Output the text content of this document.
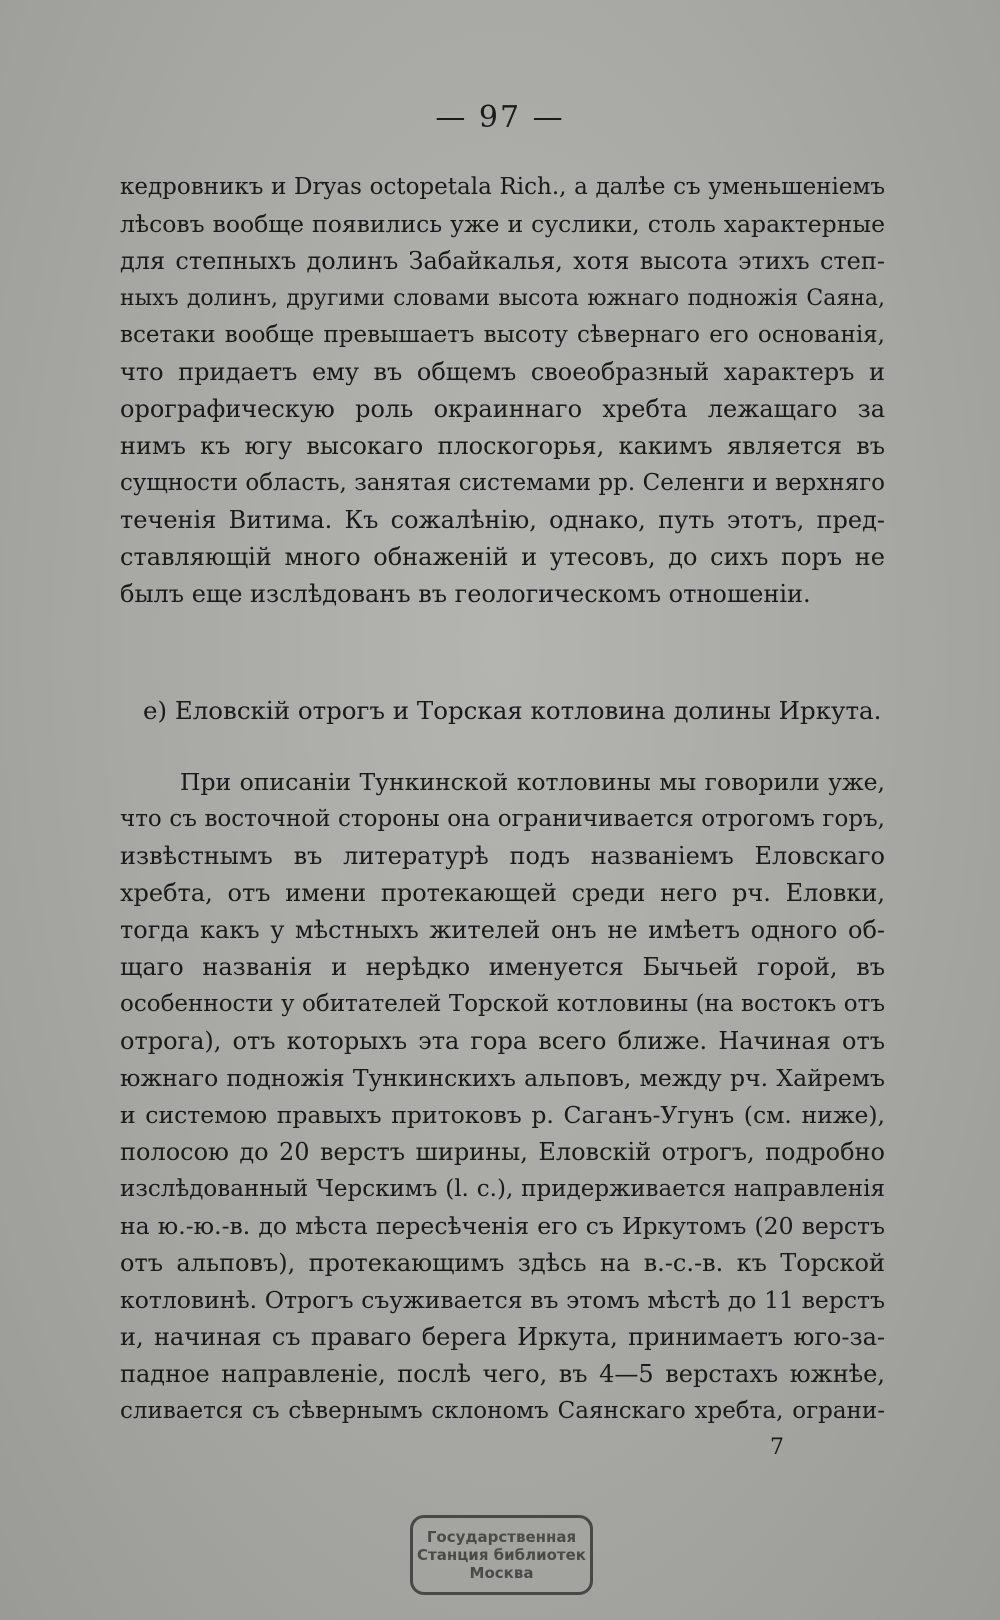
— 97 —
кедровникъ и Dryas octopetala Rich., а далѣе съ уменьшеніемъ
лѣсовъ вообще появились уже и суслики, столь характерные
для степныхъ долинъ Забайкалья, хотя высота этихъ степ-
ныхъ долинъ, другими словами высота южнаго подножія Саяна,
всетаки вообще превышаетъ высоту сѣвернаго его основанія,
что придаетъ ему въ общемъ своеобразный характеръ и
орографическую роль окраиннаго хребта лежащаго за
нимъ къ югу высокаго плоскогорья, какимъ является въ
сущности область, занятая системами рр. Селенги и верхняго
теченія Витима. Къ сожалѣнію, однако, путь этотъ, пред-
ставляющій много обнаженій и утесовъ, до сихъ поръ не
былъ еще изслѣдованъ въ геологическомъ отношеніи.
e) Еловскій отрогъ и Торская котловина долины Иркута.
При описаніи Тункинской котловины мы говорили уже,
что съ восточной стороны она ограничивается отрогомъ горъ,
извѣстнымъ въ литературѣ подъ названіемъ Еловскаго
хребта, отъ имени протекающей среди него рч. Еловки,
тогда какъ у мѣстныхъ жителей онъ не имѣетъ одного об-
щаго названія и нерѣдко именуется Бычьей горой, въ
особенности у обитателей Торской котловины (на востокъ отъ
отрога), отъ которыхъ эта гора всего ближе. Начиная отъ
южнаго подножія Тункинскихъ альповъ, между рч. Хайремъ
и системою правыхъ притоковъ р. Саганъ-Угунъ (см. ниже),
полосою до 20 верстъ ширины, Еловскій отрогъ, подробно
изслѣдованный Черскимъ (l. c.), придерживается направленія
на ю.-ю.-в. до мѣста пересѣченія его съ Иркутомъ (20 верстъ
отъ альповъ), протекающимъ здѣсь на в.-с.-в. къ Торской
котловинѣ. Отрогъ съуживается въ этомъ мѣстѣ до 11 верстъ
и, начиная съ праваго берега Иркута, принимаетъ юго-за-
падное направленіе, послѣ чего, въ 4—5 верстахъ южнѣе,
сливается съ сѣвернымъ склономъ Саянскаго хребта, ограни-
7
Государственная
Станция библиотек
Москва
